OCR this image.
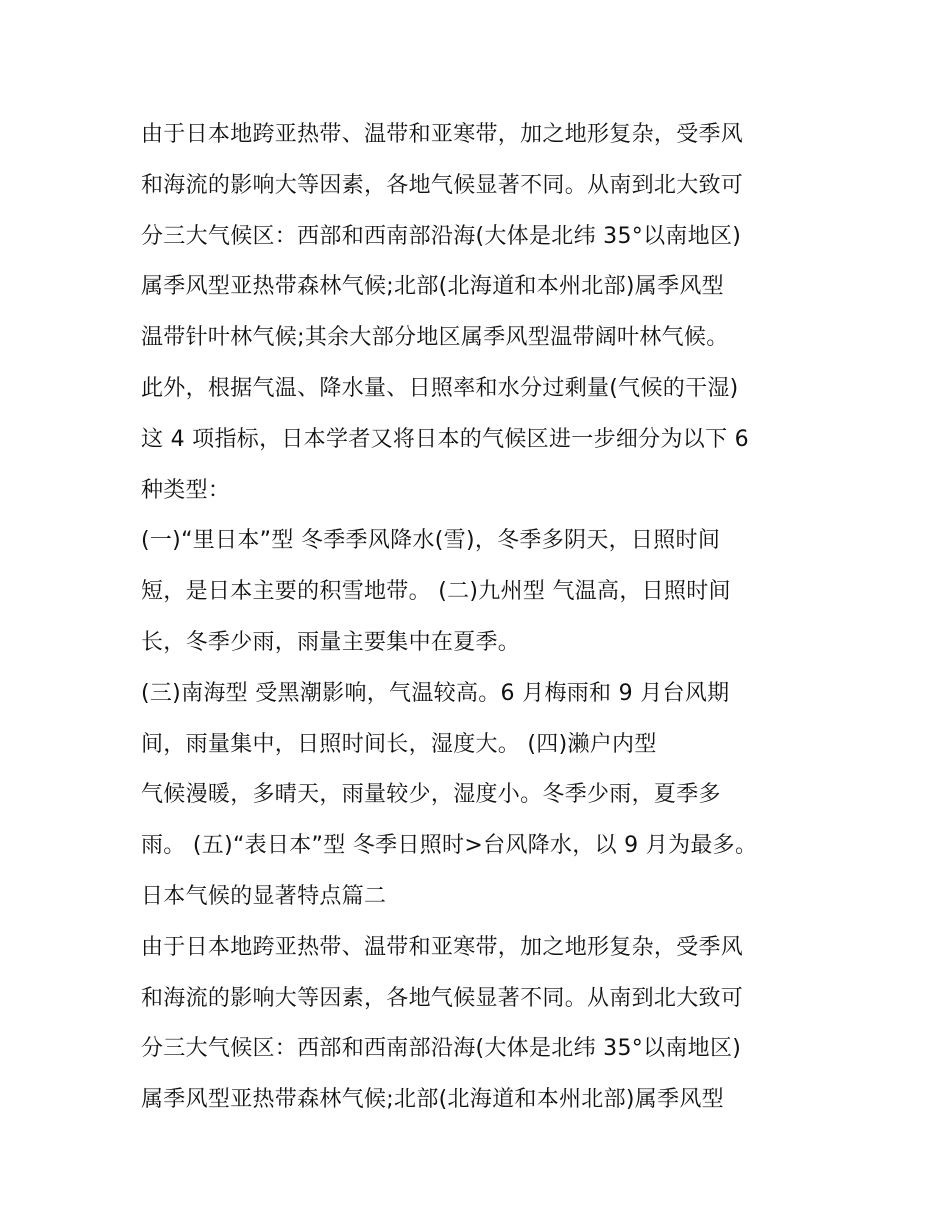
由于日本地跨亚热带、温带和亚寒带，加之地形复杂，受季风
和海流的影响大等因素，各地气候显著不同。从南到北大致可
分三大气候区：西部和西南部沿海(大体是北纬 35°以南地区)
属季风型亚热带森林气候;北部(北海道和本州北部)属季风型
温带针叶林气候;其余大部分地区属季风型温带阔叶林气候。
此外，根据气温、降水量、日照率和水分过剩量(气候的干湿)
这 4 项指标，日本学者又将日本的气候区进一步细分为以下 6
种类型：
(一)“里日本”型 冬季季风降水(雪)，冬季多阴天，日照时间
短，是日本主要的积雪地带。 (二)九州型 气温高，日照时间
长，冬季少雨，雨量主要集中在夏季。
(三)南海型 受黑潮影响，气温较高。6 月梅雨和 9 月台风期
间，雨量集中，日照时间长，湿度大。 (四)濑户内型
气候漫暖，多晴天，雨量较少，湿度小。冬季少雨，夏季多
雨。 (五)“表日本”型 冬季日照时>台风降水，以 9 月为最多。
日本气候的显著特点篇二
由于日本地跨亚热带、温带和亚寒带，加之地形复杂，受季风
和海流的影响大等因素，各地气候显著不同。从南到北大致可
分三大气候区：西部和西南部沿海(大体是北纬 35°以南地区)
属季风型亚热带森林气候;北部(北海道和本州北部)属季风型
